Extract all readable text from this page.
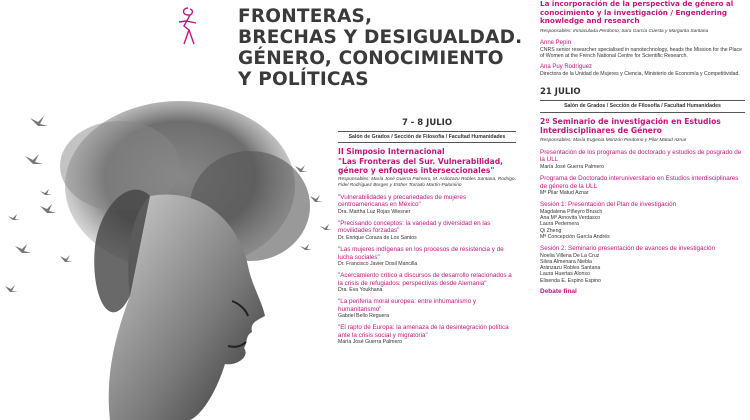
FRONTERAS,
BRECHAS Y DESIGUALDAD.
GÉNERO, CONOCIMIENTO
Y POLÍTICAS
7 - 8 JULIO
Salón de Grados / Sección de Filosofía / Facultad Humanidades
II Simposio Internacional
"Las Fronteras del Sur. Vulnerabilidad, género y enfoques interseccionales"
Responsables: María José Guerra Palmero, M. Aránzazu Robles Santana, Rodrigo, Fidel Rodríguez Borges y Esther Torrado Martín-Palomino
"Vulnerabilidades y precariedades de mujeres centroamericanas en México"
Dra. Martha Luz Rojas Wiesner
"Precisando conceptos: la variedad y diversidad en las movilidades forzadas"
Dr. Enrique Coraza de Los Santos
"Las mujeres indígenas en los procesos de resistencia y de lucha sociales"
Dr. Francisco Javier Dosil Mancilla
"Acercamiento crítico a discursos de desarrollo relacionados a la crisis de refugiados: perspectivas desde Alemania"
Dra. Eva Youkhana
"La periferia moral europea: entre inhumanismo y humanitarismo"
Gabriel Bello Reguera
"El rapto de Europa: la amenaza de la desintegración política ante la crisis social y migratoria"
María José Guerra Palmero
La incorporación de la perspectiva de género al conocimiento y la investigación / Engendering knowledge and research
Responsables: Inmaculada Perdomo, Sara García Cuesta y Margarita Santana
Anne Pepin
CNRS senior researcher specialised in nanotechnology, heads the Mission for the Place of Women at the French National Centre for Scientific Research.
Ana Puy Rodríguez
Directora de la Unidad de Mujeres y Ciencia, Ministerio de Economía y Competitividad.
21 JULIO
Salón de Grados / Sección de Filosofía / Facultad Humanidades
2º Seminario de investigación en Estudios Interdisciplinares de Género
Responsables: María Eugenia Monzón Perdomo y Pilar Matud Aznar
Presentación de los programas de doctorado y estudios de posgrado de la ULL
María José Guerra Palmero
Programa de Doctorado interuniversitario en Estudios interdisciplinares de género de la ULL
Mª Pilar Matud Aznar
Sesión 1: Presentación del Plan de investigación
Magdalena Piñeyro Brusch
Ana Mª Arnovita Verdasco
Laura Pedernera
Qi Zheng
Mª Concepción García Andrés
Sesión 2: Seminario presentación de avances de investigación
Noelia Villena De La Cruz
Silvia Almenara Niebla
Aránzazu Robles Santana
Laura Huertas Alonso
Elisenda E. Espino Espino
Debate final
